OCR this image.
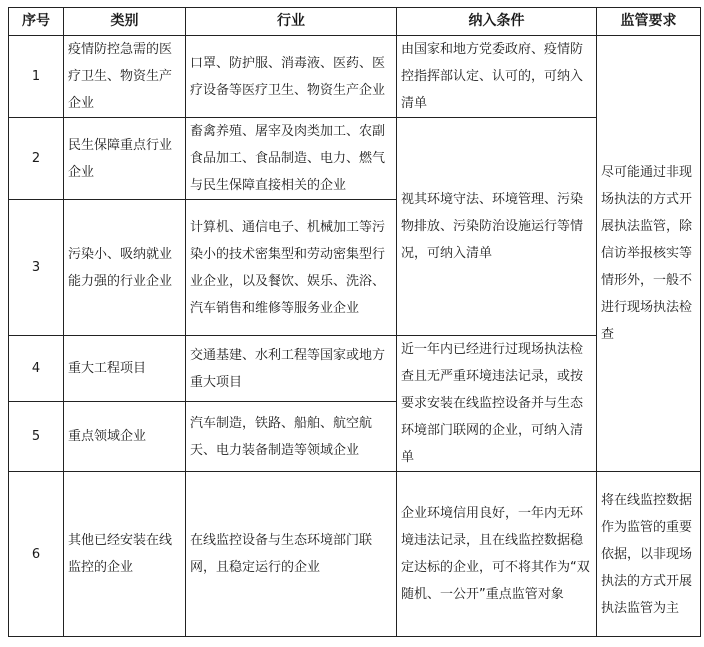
序号	类别	行业	纳入条件	监管要求
1	疫情防控急需的医疗卫生、物资生产企业	口罩、防护服、消毒液、医药、医疗设备等医疗卫生、物资生产企业	由国家和地方党委政府、疫情防控指挥部认定、认可的，可纳入清单	尽可能通过非现场执法的方式开展执法监管，除信访举报核实等情形外，一般不进行现场执法检查
2	民生保障重点行业企业	畜禽养殖、屠宰及肉类加工、农副食品加工、食品制造、电力、燃气与民生保障直接相关的企业	视其环境守法、环境管理、污染物排放、污染防治设施运行等情况，可纳入清单	
3	污染小、吸纳就业能力强的行业企业	计算机、通信电子、机械加工等污染小的技术密集型和劳动密集型行业企业，以及餐饮、娱乐、洗浴、汽车销售和维修等服务业企业		
4	重大工程项目	交通基建、水利工程等国家或地方重大项目	近一年内已经进行过现场执法检查且无严重环境违法记录，或按要求安装在线监控设备并与生态环境部门联网的企业，可纳入清单	
5	重点领域企业	汽车制造，铁路、船舶、航空航天、电力装备制造等领域企业		
6	其他已经安装在线监控的企业	在线监控设备与生态环境部门联网，且稳定运行的企业	企业环境信用良好，一年内无环境违法记录，且在线监控数据稳定达标的企业，可不将其作为“双随机、一公开”重点监管对象	将在线监控数据作为监管的重要依据，以非现场执法的方式开展执法监管为主
